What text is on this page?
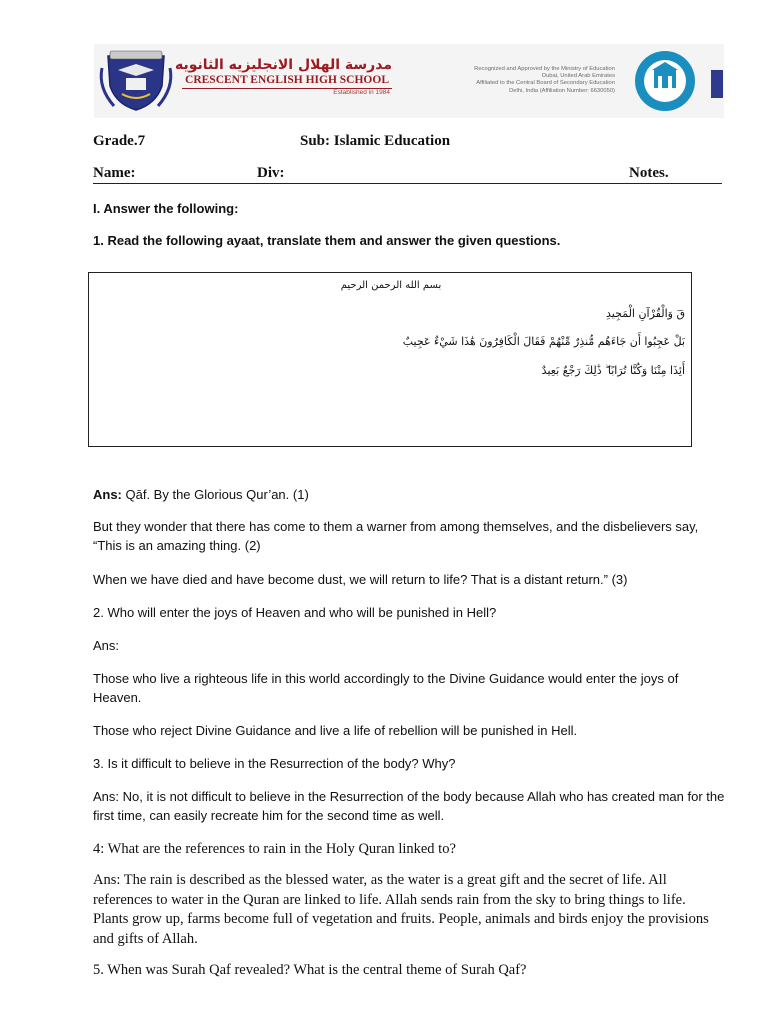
مدرسة الهلال الانجليزيه الثانويه
CRESCENT ENGLISH HIGH SCHOOL
Established in 1984
Recognized and Approved by the Ministry of Education
Dubai, United Arab Emirates
Affiliated to the Central Board of Secondary Education
Delhi, India (Affiliation Number: 6630050)
Grade.7	Sub: Islamic Education
Name:	Div:	Notes.
I. Answer the following:
1. Read the following ayaat, translate them and answer the given questions.
بسم الله الرحمن الرحيم
قٓ وَالْقُرْآنِ الْمَجِيدِ
بَلْ عَجِبُوا أَن جَاءَهُم مُّنذِرٌ مِّنْهُمْ فَقَالَ الْكَافِرُونَ هَٰذَا شَيْءٌ عَجِيبٌ
أَئِذَا مِتْنَا وَكُنَّا تُرَابًا ۖ ذَٰلِكَ رَجْعٌ بَعِيدٌ
Ans: Qāf. By the Glorious Qur’an. (1)
But they wonder that there has come to them a warner from among themselves, and the disbelievers say, “This is an amazing thing. (2)
When we have died and have become dust, we will return to life? That is a distant return.” (3)
2. Who will enter the joys of Heaven and who will be punished in Hell?
Ans:
Those who live a righteous life in this world accordingly to the Divine Guidance would enter the joys of Heaven.
Those who reject Divine Guidance and live a life of rebellion will be punished in Hell.
3. Is it difficult to believe in the Resurrection of the body? Why?
Ans: No, it is not difficult to believe in the Resurrection of the body because Allah who has created man for the first time, can easily recreate him for the second time as well.
4: What are the references to rain in the Holy Quran linked to?
Ans: The rain is described as the blessed water, as the water is a great gift and the secret of life. All references to water in the Quran are linked to life. Allah sends rain from the sky to bring things to life. Plants grow up, farms become full of vegetation and fruits. People, animals and birds enjoy the provisions and gifts of Allah.
5. When was Surah Qaf revealed? What is the central theme of Surah Qaf?
